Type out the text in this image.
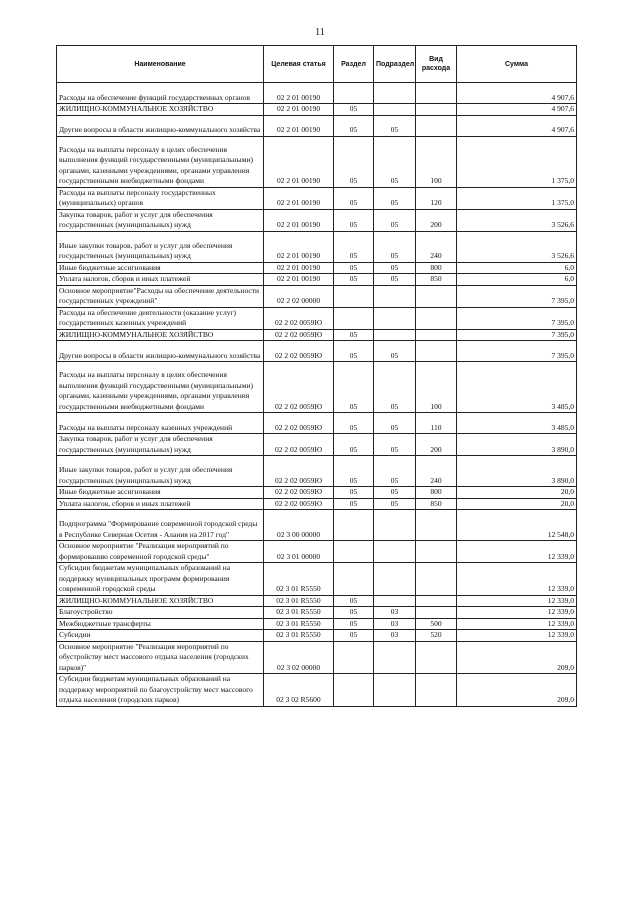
11
Наименование	Целевая статья	Раздел	Подраздел	Вид расхода	Сумма
Расходы на обеспечение функций государственных органов	02 2 01 00190				4 907,6
ЖИЛИЩНО-КОММУНАЛЬНОЕ ХОЗЯЙСТВО	02 2 01 00190	05			4 907,6
Другие вопросы в области жилищно-коммунального хозяйства	02 2 01 00190	05	05		4 907,6
Расходы на выплаты персоналу в целях обеспечения выполнения функций государственными (муниципальными) органами, казенными учреждениями, органами управления государственными внебюджетными фондами	02 2 01 00190	05	05	100	1 375,0
Расходы на выплаты персоналу государственных (муниципальных) органов	02 2 01 00190	05	05	120	1 375,0
Закупка товаров, работ и услуг для обеспечения государственных (муниципальных) нужд	02 2 01 00190	05	05	200	3 526,6
Иные закупки товаров, работ и услуг для обеспечения государственных (муниципальных) нужд	02 2 01 00190	05	05	240	3 526,6
Иные бюджетные ассигнования	02 2 01 00190	05	05	800	6,0
Уплата налогов, сборов и иных платежей	02 2 01 00190	05	05	850	6,0
Основное мероприятие"Расходы на обеспечение деятельности государственных учреждений"	02 2 02 00000				7 395,0
Расходы на обеспечение деятельности (оказание услуг) государственных казенных учреждений	02 2 02 0059Ю				7 395,0
ЖИЛИЩНО-КОММУНАЛЬНОЕ ХОЗЯЙСТВО	02 2 02 0059Ю	05			7 395,0
Другие вопросы в области жилищно-коммунального хозяйства	02 2 02 0059Ю	05	05		7 395,0
Расходы на выплаты персоналу в целях обеспечения выполнения функций государственными (муниципальными) органами, казенными учреждениями, органами управления государственными внебюджетными фондами	02 2 02 0059Ю	05	05	100	3 485,0
Расходы на выплаты персоналу казенных учреждений	02 2 02 0059Ю	05	05	110	3 485,0
Закупка товаров, работ и услуг для обеспечения государственных (муниципальных) нужд	02 2 02 0059Ю	05	05	200	3 890,0
Иные закупки товаров, работ и услуг для обеспечения государственных (муниципальных) нужд	02 2 02 0059Ю	05	05	240	3 890,0
Иные бюджетные ассигнования	02 2 02 0059Ю	05	05	800	20,0
Уплата налогов, сборов и иных платежей	02 2 02 0059Ю	05	05	850	20,0
Подпрограмма "Формирование современной городской среды в Республике Северная Осетия - Алания на 2017 год"	02 3 00 00000				12 548,0
Основное мероприятие "Реализация мероприятий по формированию современной городской среды"	02 3 01 00000				12 339,0
Субсидии бюджетам муниципальных образований на поддержку муниципальных программ формирования современной городской среды	02 3 01 R5550				12 339,0
ЖИЛИЩНО-КОММУНАЛЬНОЕ ХОЗЯЙСТВО	02 3 01 R5550	05			12 339,0
Благоустройство	02 3 01 R5550	05	03		12 339,0
Межбюджетные трансферты	02 3 01 R5550	05	03	500	12 339,0
Субсидии	02 3 01 R5550	05	03	520	12 339,0
Основное мероприятие "Реализация мероприятий по обустройству мест массового отдыха населения (городских парков)"	02 3 02 00000				209,0
Субсидии бюджетам муниципальных образований на поддержку мероприятий по благоустройству мест массового отдыха населения (городских парков)	02 3 02 R5600				209,0
